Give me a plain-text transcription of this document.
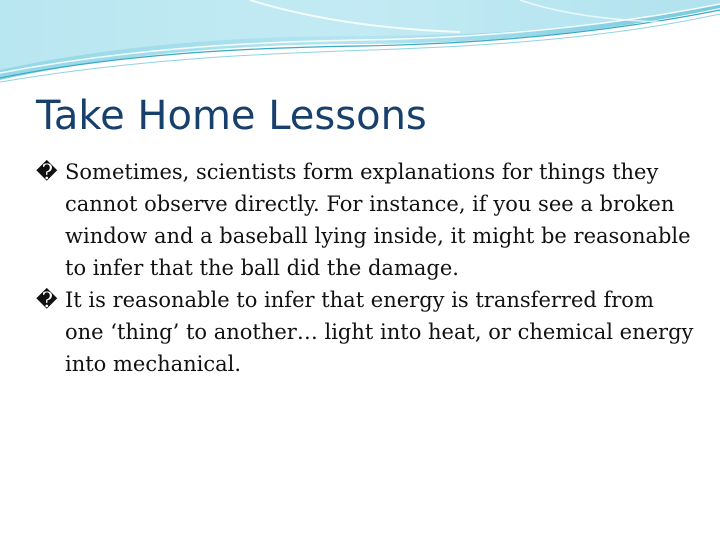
Take Home Lessons
� Sometimes, scientists form explanations for things they cannot observe directly. For instance, if you see a broken window and a baseball lying inside, it might be reasonable to infer that the ball did the damage.
� It is reasonable to infer that energy is transferred from one ‘thing’ to another… light into heat, or chemical energy into mechanical.
